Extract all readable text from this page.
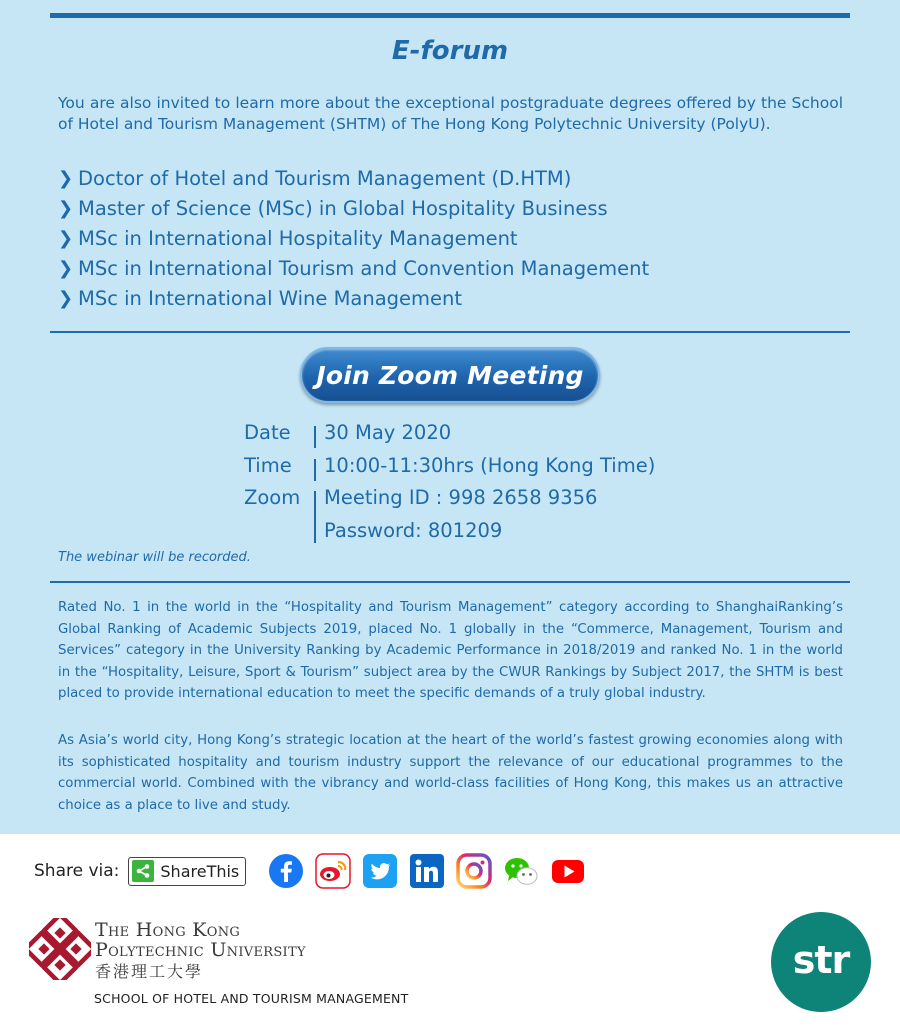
E-forum

You are also invited to learn more about the exceptional postgraduate degrees offered by the School of Hotel and Tourism Management (SHTM) of The Hong Kong Polytechnic University (PolyU).

❯ Doctor of Hotel and Tourism Management (D.HTM)
❯ Master of Science (MSc) in Global Hospitality Business
❯ MSc in International Hospitality Management
❯ MSc in International Tourism and Convention Management
❯ MSc in International Wine Management
Join Zoom Meeting
Date	30 May 2020
Time	10:00-11:30hrs (Hong Kong Time)
Zoom	Meeting ID : 998 2658 9356
Password: 801209

The webinar will be recorded.

Rated No. 1 in the world in the “Hospitality and Tourism Management” category according to ShanghaiRanking’s Global Ranking of Academic Subjects 2019, placed No. 1 globally in the “Commerce, Management, Tourism and Services” category in the University Ranking by Academic Performance in 2018/2019 and ranked No. 1 in the world in the “Hospitality, Leisure, Sport & Tourism” subject area by the CWUR Rankings by Subject 2017, the SHTM is best placed to provide international education to meet the specific demands of a truly global industry.

As Asia’s world city, Hong Kong’s strategic location at the heart of the world’s fastest growing economies along with its sophisticated hospitality and tourism industry support the relevance of our educational programmes to the commercial world. Combined with the vibrancy and world-class facilities of Hong Kong, this makes us an attractive choice as a place to live and study.

Share via:	ShareThis
The Hong Kong
Polytechnic University
香港理工大學
SCHOOL OF HOTEL AND TOURISM MANAGEMENT
str
